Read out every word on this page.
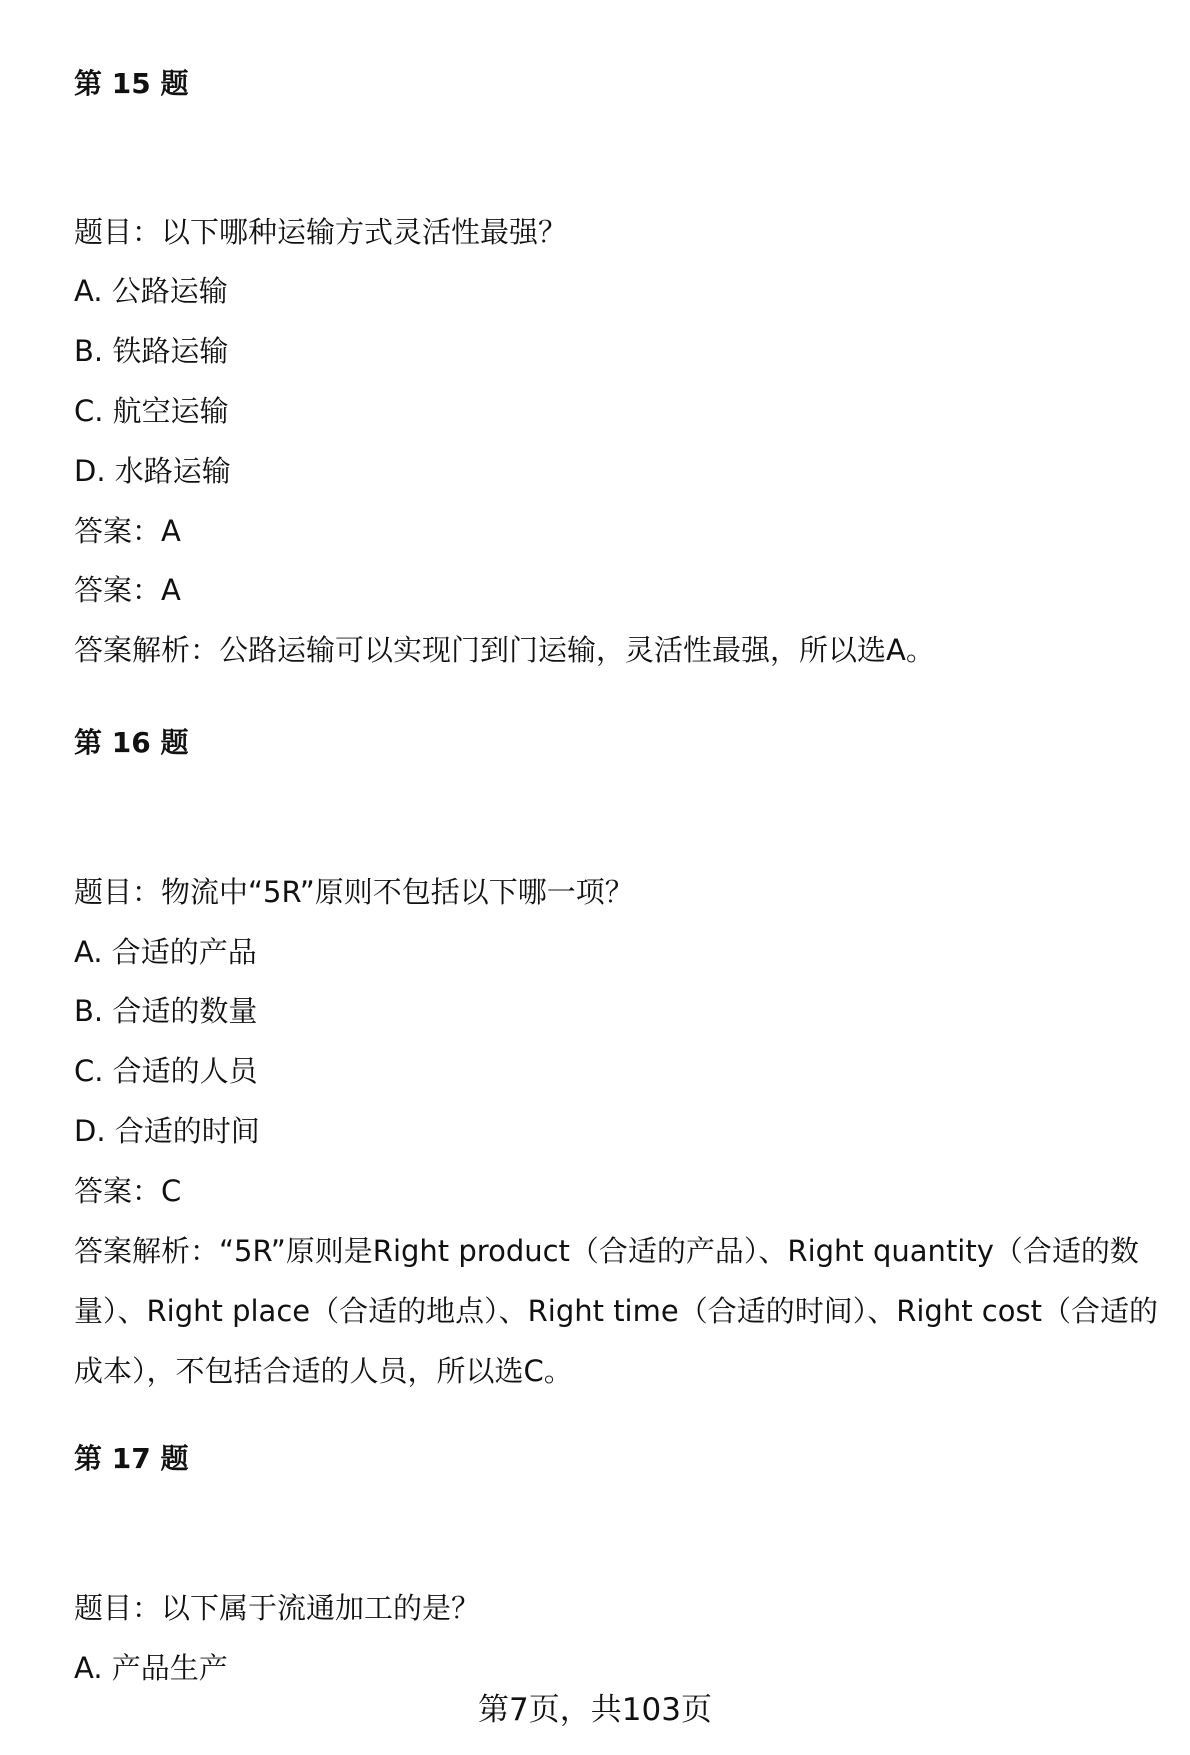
第 15 题
题目：以下哪种运输方式灵活性最强？
A. 公路运输
B. 铁路运输
C. 航空运输
D. 水路运输
答案：A
答案：A
答案解析：公路运输可以实现门到门运输，灵活性最强，所以选A。
第 16 题
题目：物流中“5R”原则不包括以下哪一项？
A. 合适的产品
B. 合适的数量
C. 合适的人员
D. 合适的时间
答案：C
答案解析：“5R”原则是Right product（合适的产品）、Right quantity（合适的数量）、Right place（合适的地点）、Right time（合适的时间）、Right cost（合适的成本），不包括合适的人员，所以选C。
第 17 题
题目：以下属于流通加工的是？
A. 产品生产
第7页，共103页
